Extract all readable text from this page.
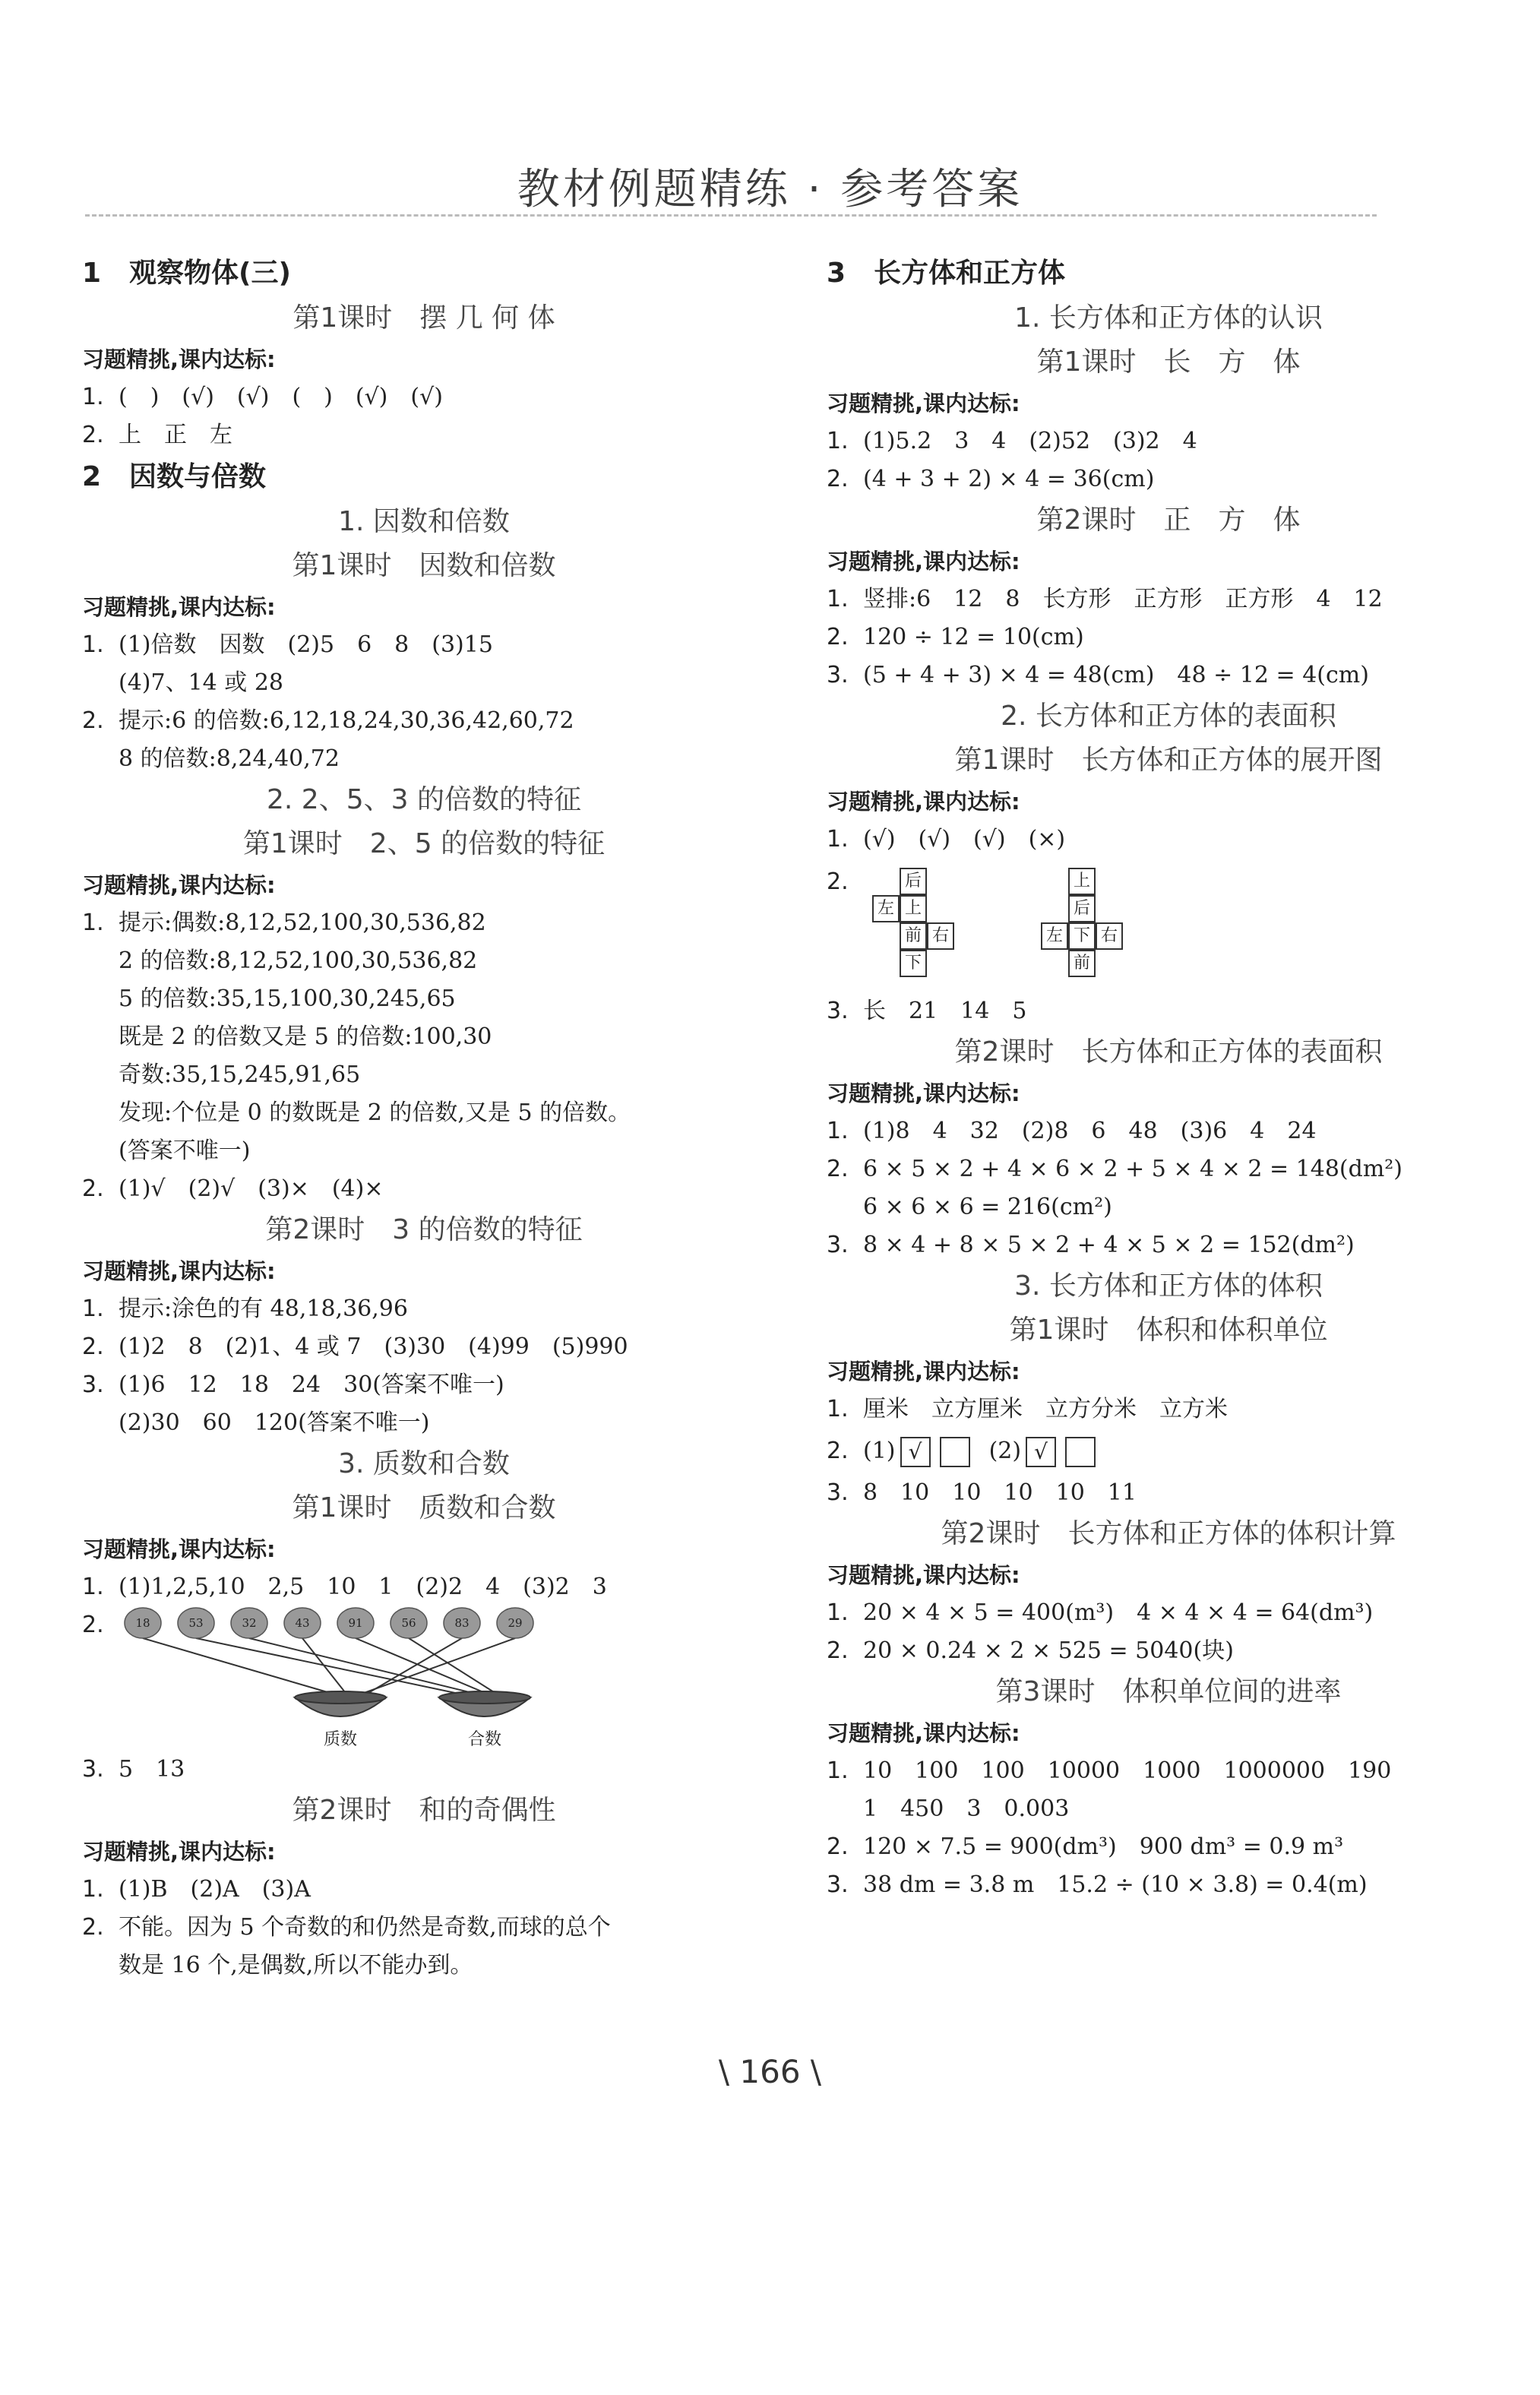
教材例题精练 · 参考答案
1 观察物体(三)
第1课时　摆 几 何 体
习题精挑,课内达标:
1. (　)　(√)　(√)　(　)　(√)　(√)
2. 上　正　左
2 因数与倍数
1. 因数和倍数
第1课时　因数和倍数
习题精挑,课内达标:
1. (1)倍数　因数　(2)5　6　8　(3)15
(4)7、14 或 28
2. 提示:6 的倍数:6,12,18,24,30,36,42,60,72
8 的倍数:8,24,40,72
2. 2、5、3 的倍数的特征
第1课时　2、5 的倍数的特征
习题精挑,课内达标:
1. 提示:偶数:8,12,52,100,30,536,82
2 的倍数:8,12,52,100,30,536,82
5 的倍数:35,15,100,30,245,65
既是 2 的倍数又是 5 的倍数:100,30
奇数:35,15,245,91,65
发现:个位是 0 的数既是 2 的倍数,又是 5 的倍数。
(答案不唯一)
2. (1)√　(2)√　(3)×　(4)×
第2课时　3 的倍数的特征
习题精挑,课内达标:
1. 提示:涂色的有 48,18,36,96
2. (1)2　8　(2)1、4 或 7　(3)30　(4)99　(5)990
3. (1)6　12　18　24　30(答案不唯一)
(2)30　60　120(答案不唯一)
3. 质数和合数
第1课时　质数和合数
习题精挑,课内达标:
1. (1)1,2,5,10　2,5　10　1　(2)2　4　(3)2　3
2.	18	53	32	43	91	56	83	29
质数	合数
3. 5　13
第2课时　和的奇偶性
习题精挑,课内达标:
1. (1)B　(2)A　(3)A
2. 不能。因为 5 个奇数的和仍然是奇数,而球的总个
数是 16 个,是偶数,所以不能办到。
3 长方体和正方体
1. 长方体和正方体的认识
第1课时　长　方　体
习题精挑,课内达标:
1. (1)5.2　3　4　(2)52　(3)2　4
2. (4 + 3 + 2) × 4 = 36(cm)
第2课时　正　方　体
习题精挑,课内达标:
1. 竖排:6　12　8　长方形　正方形　正方形　4　12
2. 120 ÷ 12 = 10(cm)
3. (5 + 4 + 3) × 4 = 48(cm)　48 ÷ 12 = 4(cm)
2. 长方体和正方体的表面积
第1课时　长方体和正方体的展开图
习题精挑,课内达标:
1. (√)　(√)　(√)　(×)
2.	后
左 上
前 右
下
上
后
左 下 右
前
3. 长　21　14　5
第2课时　长方体和正方体的表面积
习题精挑,课内达标:
1. (1)8　4　32　(2)8　6　48　(3)6　4　24
2. 6 × 5 × 2 + 4 × 6 × 2 + 5 × 4 × 2 = 148(dm²)
6 × 6 × 6 = 216(cm²)
3. 8 × 4 + 8 × 5 × 2 + 4 × 5 × 2 = 152(dm²)
3. 长方体和正方体的体积
第1课时　体积和体积单位
习题精挑,课内达标:
1. 厘米　立方厘米　立方分米　立方米
2. (1) √	(2) √
3. 8　10　10　10　10　11
第2课时　长方体和正方体的体积计算
习题精挑,课内达标:
1. 20 × 4 × 5 = 400(m³)　4 × 4 × 4 = 64(dm³)
2. 20 × 0.24 × 2 × 525 = 5040(块)
第3课时　体积单位间的进率
习题精挑,课内达标:
1. 10　100　100　10000　1000　1000000　190
1　450　3　0.003
2. 120 × 7.5 = 900(dm³)　900 dm³ = 0.9 m³
3. 38 dm = 3.8 m　15.2 ÷ (10 × 3.8) = 0.4(m)
\ 166 \
